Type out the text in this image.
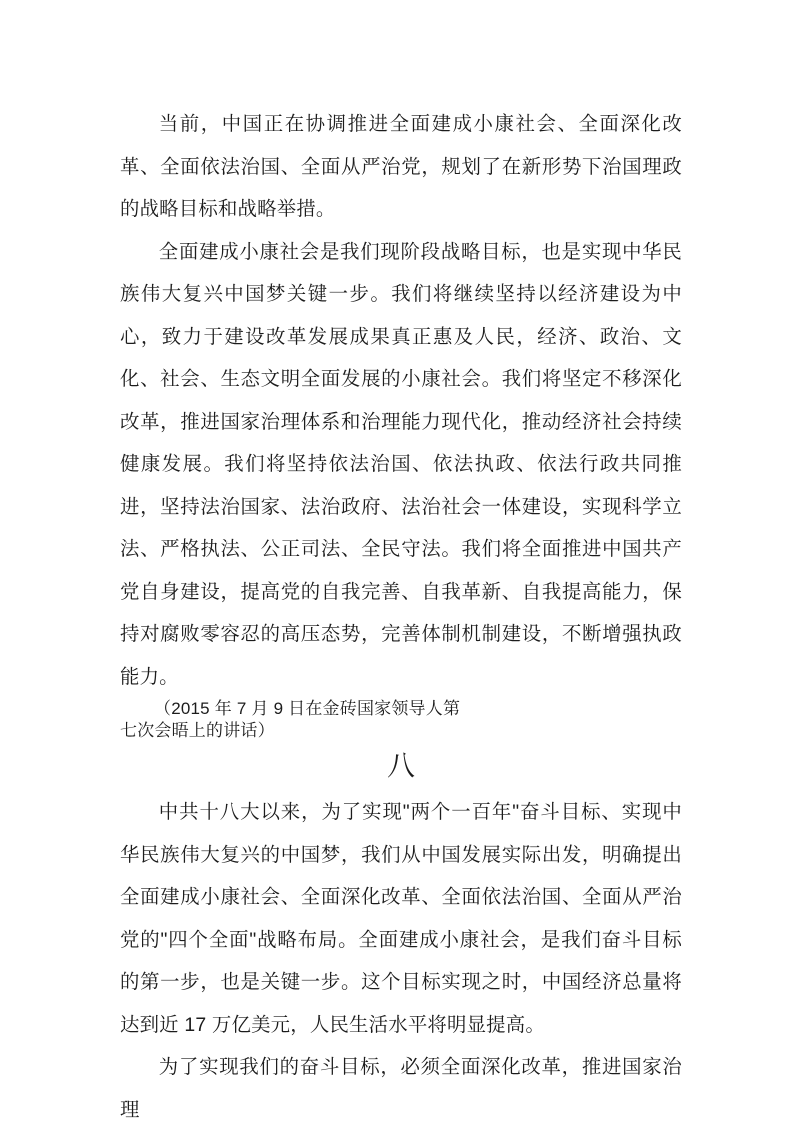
当前，中国正在协调推进全面建成小康社会、全面深化改革、全面依法治国、全面从严治党，规划了在新形势下治国理政的战略目标和战略举措。

全面建成小康社会是我们现阶段战略目标，也是实现中华民族伟大复兴中国梦关键一步。我们将继续坚持以经济建设为中心，致力于建设改革发展成果真正惠及人民，经济、政治、文化、社会、生态文明全面发展的小康社会。我们将坚定不移深化改革，推进国家治理体系和治理能力现代化，推动经济社会持续健康发展。我们将坚持依法治国、依法执政、依法行政共同推进，坚持法治国家、法治政府、法治社会一体建设，实现科学立法、严格执法、公正司法、全民守法。我们将全面推进中国共产党自身建设，提高党的自我完善、自我革新、自我提高能力，保持对腐败零容忍的高压态势，完善体制机制建设，不断增强执政能力。

（2015 年 7 月 9 日在金砖国家领导人第七次会晤上的讲话）

八

中共十八大以来，为了实现"两个一百年"奋斗目标、实现中华民族伟大复兴的中国梦，我们从中国发展实际出发，明确提出全面建成小康社会、全面深化改革、全面依法治国、全面从严治党的"四个全面"战略布局。全面建成小康社会，是我们奋斗目标的第一步，也是关键一步。这个目标实现之时，中国经济总量将达到近 17 万亿美元，人民生活水平将明显提高。

为了实现我们的奋斗目标，必须全面深化改革，推进国家治理
